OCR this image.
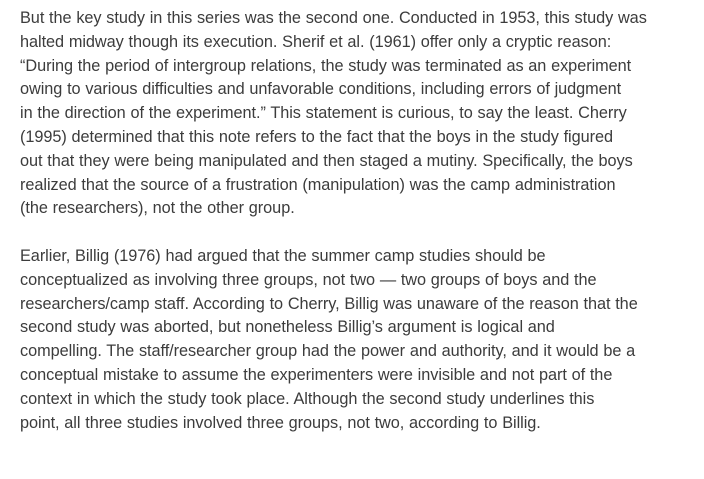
But the key study in this series was the second one. Conducted in 1953, this study was
halted midway though its execution. Sherif et al. (1961) offer only a cryptic reason:
“During the period of intergroup relations, the study was terminated as an experiment
owing to various difficulties and unfavorable conditions, including errors of judgment
in the direction of the experiment.” This statement is curious, to say the least. Cherry
(1995) determined that this note refers to the fact that the boys in the study figured
out that they were being manipulated and then staged a mutiny. Specifically, the boys
realized that the source of a frustration (manipulation) was the camp administration
(the researchers), not the other group.

Earlier, Billig (1976) had argued that the summer camp studies should be
conceptualized as involving three groups, not two — two groups of boys and the
researchers/camp staff. According to Cherry, Billig was unaware of the reason that the
second study was aborted, but nonetheless Billig’s argument is logical and
compelling. The staff/researcher group had the power and authority, and it would be a
conceptual mistake to assume the experimenters were invisible and not part of the
context in which the study took place. Although the second study underlines this
point, all three studies involved three groups, not two, according to Billig.
